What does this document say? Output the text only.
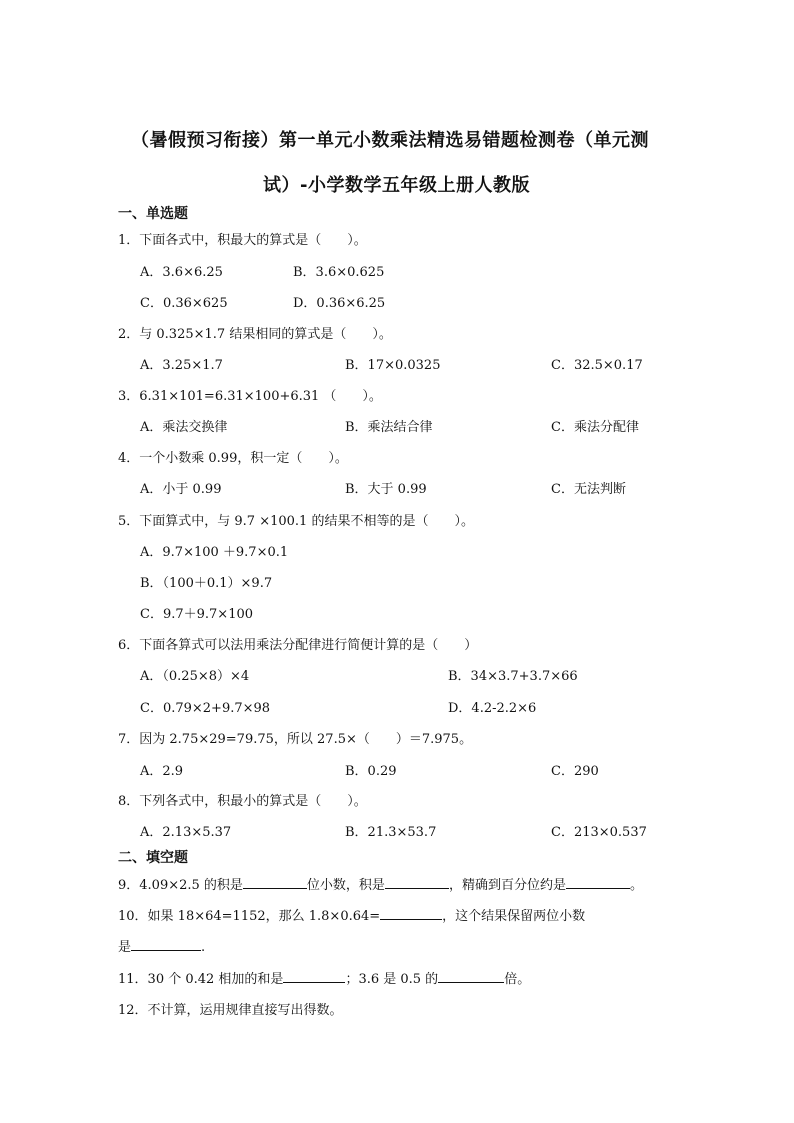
（暑假预习衔接）第一单元小数乘法精选易错题检测卷（单元测
试）-小学数学五年级上册人教版
一、单选题
1．下面各式中，积最大的算式是（　　）。
A．3.6×6.25	B．3.6×0.625
C．0.36×625	D．0.36×6.25
2．与 0.325×1.7 结果相同的算式是（　　）。
A．3.25×1.7	B．17×0.0325	C．32.5×0.17
3．6.31×101=6.31×100+6.31 （　　）。
A．乘法交换律	B．乘法结合律	C．乘法分配律
4．一个小数乘 0.99，积一定（　　）。
A．小于 0.99	B．大于 0.99	C．无法判断
5．下面算式中，与 9.7 ×100.1 的结果不相等的是（　　）。
A．9.7×100 ＋9.7×0.1
B．（100＋0.1）×9.7
C．9.7＋9.7×100
6．下面各算式可以法用乘法分配律进行简便计算的是（　　）
A．（0.25×8）×4	B．34×3.7+3.7×66
C．0.79×2+9.7×98	D．4.2-2.2×6
7．因为 2.75×29=79.75，所以 27.5×（　　）＝7.975。
A．2.9	B．0.29	C．290
8．下列各式中，积最小的算式是（　　）。
A．2.13×5.37	B．21.3×53.7	C．213×0.537
二、填空题
9．4.09×2.5 的积是	位小数，积是	，精确到百分位约是	。
10．如果 18×64=1152，那么 1.8×0.64=	，这个结果保留两位小数
是	.
11．30 个 0.42 相加的和是	；3.6 是 0.5 的	倍。
12．不计算，运用规律直接写出得数。
